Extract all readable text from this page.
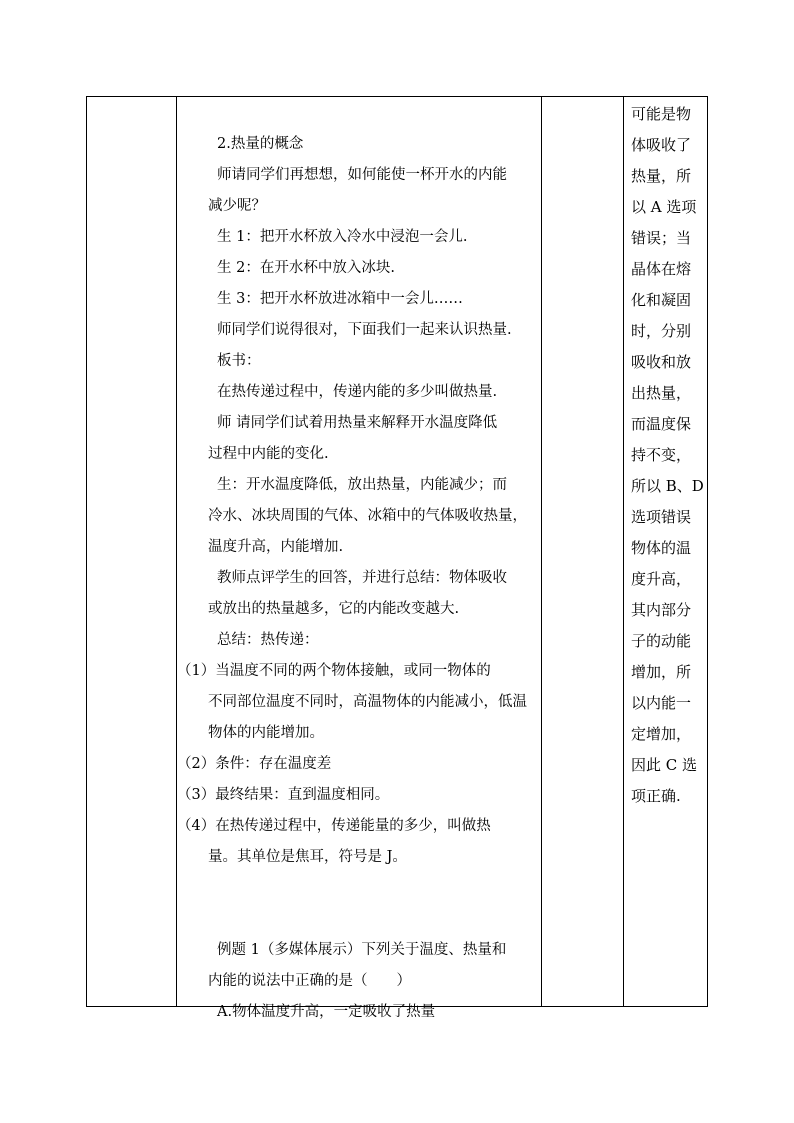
2.热量的概念
师请同学们再想想，如何能使一杯开水的内能
减少呢？
生 1：把开水杯放入冷水中浸泡一会儿.
生 2：在开水杯中放入冰块.
生 3：把开水杯放进冰箱中一会儿……
师同学们说得很对，下面我们一起来认识热量.
板书：
在热传递过程中，传递内能的多少叫做热量.
师 请同学们试着用热量来解释开水温度降低
过程中内能的变化.
生：开水温度降低，放出热量，内能减少；而
冷水、冰块周围的气体、冰箱中的气体吸收热量，
温度升高，内能增加.
教师点评学生的回答，并进行总结：物体吸收
或放出的热量越多，它的内能改变越大.
总结：热传递：
（1）当温度不同的两个物体接触，或同一物体的
不同部位温度不同时，高温物体的内能减小，低温
物体的内能增加。
（2）条件：存在温度差
（3）最终结果：直到温度相同。
（4）在热传递过程中，传递能量的多少，叫做热
量。其单位是焦耳，符号是 J。
例题 1（多媒体展示）下列关于温度、热量和
内能的说法中正确的是（　　）
A.物体温度升高，一定吸收了热量
可能是物
体吸收了
热量，所
以 A 选项
错误；当
晶体在熔
化和凝固
时，分别
吸收和放
出热量，
而温度保
持不变，
所以 B、D
选项错误
物体的温
度升高，
其内部分
子的动能
增加，所
以内能一
定增加，
因此 C 选
项正确.
